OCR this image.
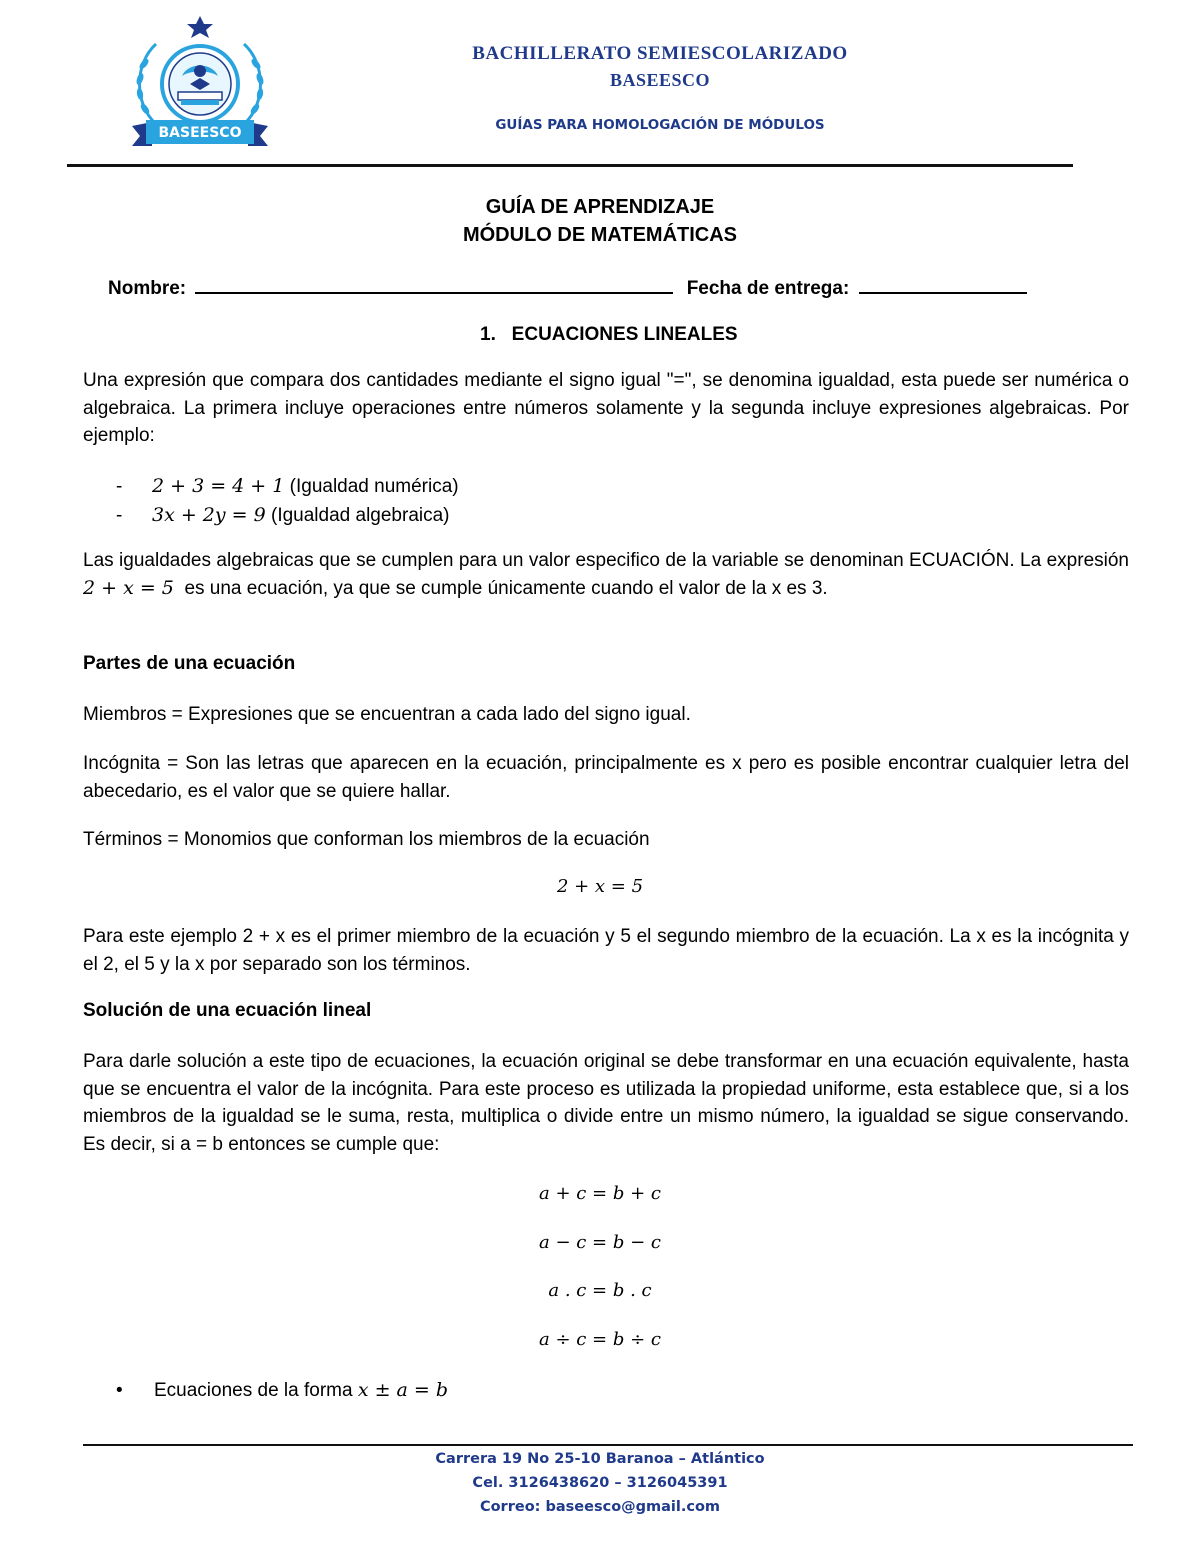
BASEESCO
BACHILLERATO SEMIESCOLARIZADO
BASEESCO
GUÍAS PARA HOMOLOGACIÓN DE MÓDULOS
GUÍA DE APRENDIZAJE
MÓDULO DE MATEMÁTICAS
Nombre:	Fecha de entrega:
1.   ECUACIONES LINEALES
Una expresión que compara dos cantidades mediante el signo igual "=", se denomina igualdad, esta puede ser numérica o algebraica. La primera incluye operaciones entre números solamente y la segunda incluye expresiones algebraicas. Por ejemplo:
- 2 + 3 = 4 + 1 (Igualdad numérica)
- 3x + 2y = 9 (Igualdad algebraica)
Las igualdades algebraicas que se cumplen para un valor especifico de la variable se denominan ECUACIÓN. La expresión 2 + x = 5  es una ecuación, ya que se cumple únicamente cuando el valor de la x es 3.
Partes de una ecuación
Miembros = Expresiones que se encuentran a cada lado del signo igual.
Incógnita = Son las letras que aparecen en la ecuación, principalmente es x pero es posible encontrar cualquier letra del abecedario, es el valor que se quiere hallar.
Términos = Monomios que conforman los miembros de la ecuación
2 + x = 5
Para este ejemplo 2 + x es el primer miembro de la ecuación y 5 el segundo miembro de la ecuación. La x es la incógnita y el 2, el 5 y la x por separado son los términos.
Solución de una ecuación lineal
Para darle solución a este tipo de ecuaciones, la ecuación original se debe transformar en una ecuación equivalente, hasta que se encuentra el valor de la incógnita. Para este proceso es utilizada la propiedad uniforme, esta establece que, si a los miembros de la igualdad se le suma, resta, multiplica o divide entre un mismo número, la igualdad se sigue conservando. Es decir, si a = b entonces se cumple que:
a + c = b + c
a − c = b − c
a . c = b . c
a ÷ c = b ÷ c
• Ecuaciones de la forma x ± a = b
Carrera 19 No 25-10 Baranoa – Atlántico
Cel. 3126438620 – 3126045391
Correo: baseesco@gmail.com
